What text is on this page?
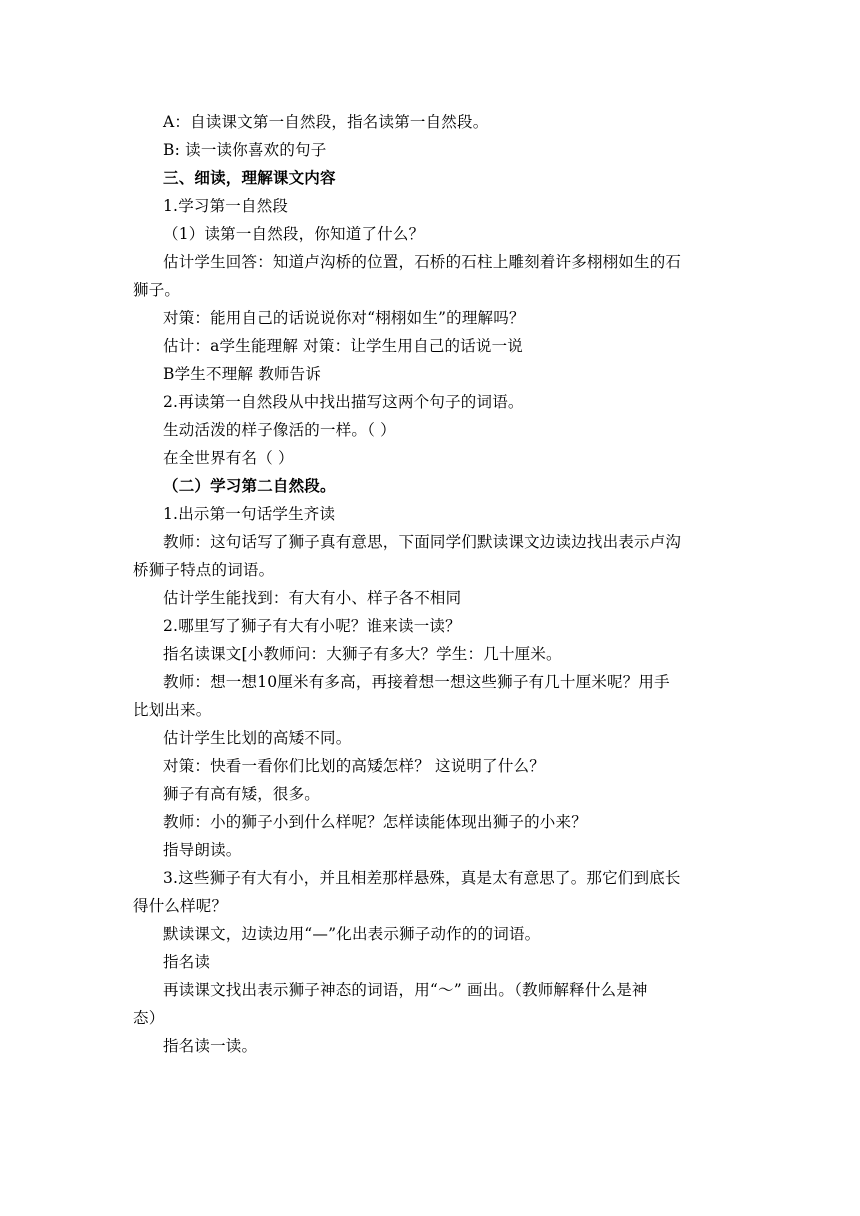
A：自读课文第一自然段，指名读第一自然段。
B: 读一读你喜欢的句子
三、细读，理解课文内容
1.学习第一自然段
（1）读第一自然段，你知道了什么？
估计学生回答：知道卢沟桥的位置，石桥的石柱上雕刻着许多栩栩如生的石
狮子。
对策：能用自己的话说说你对“栩栩如生”的理解吗？
估计：a学生能理解 对策：让学生用自己的话说一说
B学生不理解 教师告诉
2.再读第一自然段从中找出描写这两个句子的词语。
生动活泼的样子像活的一样。（ ）
在全世界有名（ ）
（二）学习第二自然段。
1.出示第一句话学生齐读
教师：这句话写了狮子真有意思，下面同学们默读课文边读边找出表示卢沟
桥狮子特点的词语。
估计学生能找到：有大有小、样子各不相同
2.哪里写了狮子有大有小呢？谁来读一读？
指名读课文[小教师问：大狮子有多大？学生：几十厘米。
教师：想一想10厘米有多高，再接着想一想这些狮子有几十厘米呢？用手
比划出来。
估计学生比划的高矮不同。
对策：快看一看你们比划的高矮怎样？ 这说明了什么？
狮子有高有矮，很多。
教师：小的狮子小到什么样呢？怎样读能体现出狮子的小来？
指导朗读。
3.这些狮子有大有小，并且相差那样悬殊，真是太有意思了。那它们到底长
得什么样呢？
默读课文，边读边用“—”化出表示狮子动作的的词语。
指名读
再读课文找出表示狮子神态的词语，用“～” 画出。（教师解释什么是神
态）
指名读一读。
